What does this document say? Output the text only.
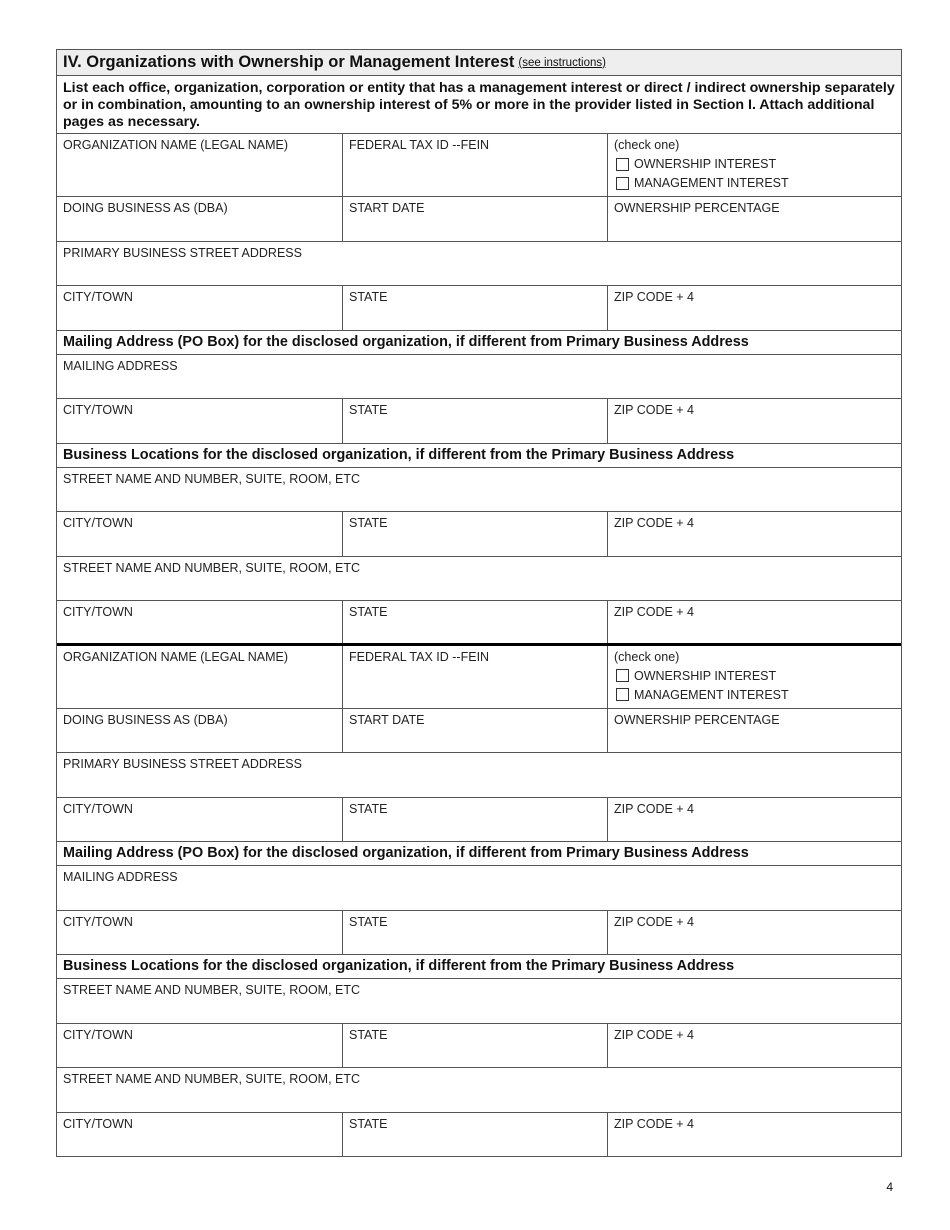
IV. Organizations with Ownership or Management Interest (see instructions)
List each office, organization, corporation or entity that has a management interest or direct / indirect ownership separately or in combination, amounting to an ownership interest of 5% or more in the provider listed in Section I. Attach additional pages as necessary.
ORGANIZATION NAME (LEGAL NAME)	FEDERAL TAX ID --FEIN	(check one)
OWNERSHIP INTEREST
MANAGEMENT INTEREST
DOING BUSINESS AS (DBA)	START DATE	OWNERSHIP PERCENTAGE
PRIMARY BUSINESS STREET ADDRESS
CITY/TOWN	STATE	ZIP CODE + 4
Mailing Address (PO Box) for the disclosed organization, if different from Primary Business Address
MAILING ADDRESS
CITY/TOWN	STATE	ZIP CODE + 4
Business Locations for the disclosed organization, if different from the Primary Business Address
STREET NAME AND NUMBER, SUITE, ROOM, ETC
CITY/TOWN	STATE	ZIP CODE + 4
STREET NAME AND NUMBER, SUITE, ROOM, ETC
CITY/TOWN	STATE	ZIP CODE + 4
ORGANIZATION NAME (LEGAL NAME)	FEDERAL TAX ID --FEIN	(check one)
OWNERSHIP INTEREST
MANAGEMENT INTEREST
DOING BUSINESS AS (DBA)	START DATE	OWNERSHIP PERCENTAGE
PRIMARY BUSINESS STREET ADDRESS
CITY/TOWN	STATE	ZIP CODE + 4
Mailing Address (PO Box) for the disclosed organization, if different from Primary Business Address
MAILING ADDRESS
CITY/TOWN	STATE	ZIP CODE + 4
Business Locations for the disclosed organization, if different from the Primary Business Address
STREET NAME AND NUMBER, SUITE, ROOM, ETC
CITY/TOWN	STATE	ZIP CODE + 4
STREET NAME AND NUMBER, SUITE, ROOM, ETC
CITY/TOWN	STATE	ZIP CODE + 4
4
